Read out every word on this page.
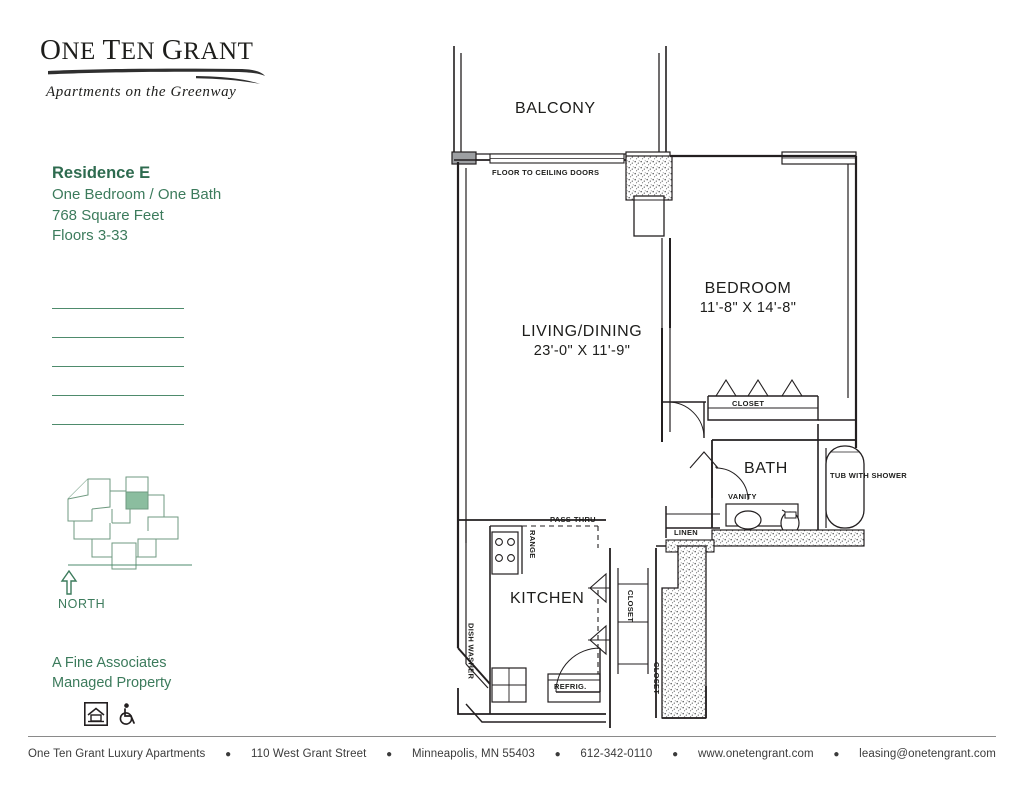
ONE TEN GRANT
Apartments on the Greenway
Residence E
One Bedroom / One Bath
768 Square Feet
Floors 3-33
NORTH
A Fine Associates
Managed Property
BALCONY
FLOOR TO CEILING DOORS
LIVING/DINING
23'-0" X 11'-9"
BEDROOM
11'-8" X 14'-8"
CLOSET
BATH	TUB WITH SHOWER
VANITY
LINEN
PASS-THRU
RANGE
DISH WASHER
KITCHEN
REFRIG.
CLOSET
CLOSET
One Ten Grant Luxury Apartments ● 110 West Grant Street ● Minneapolis, MN 55403 ● 612-342-0110 ● www.onetengrant.com ● leasing@onetengrant.com
